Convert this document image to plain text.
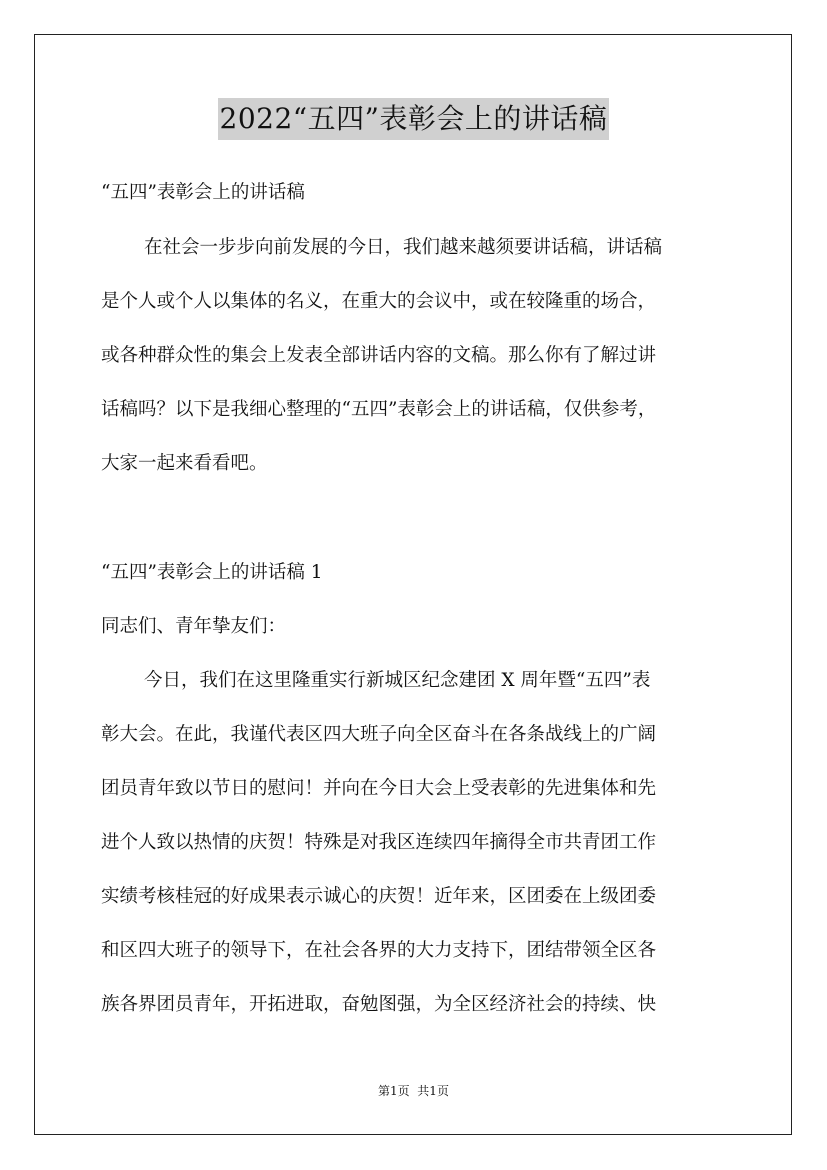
2022“五四”表彰会上的讲话稿
“五四”表彰会上的讲话稿
在社会一步步向前发展的今日，我们越来越须要讲话稿，讲话稿
是个人或个人以集体的名义，在重大的会议中，或在较隆重的场合，
或各种群众性的集会上发表全部讲话内容的文稿。那么你有了解过讲
话稿吗？以下是我细心整理的“五四”表彰会上的讲话稿，仅供参考，
大家一起来看看吧。
“五四”表彰会上的讲话稿 1
同志们、青年挚友们：
今日，我们在这里隆重实行新城区纪念建团 X 周年暨“五四”表
彰大会。在此，我谨代表区四大班子向全区奋斗在各条战线上的广阔
团员青年致以节日的慰问！并向在今日大会上受表彰的先进集体和先
进个人致以热情的庆贺！特殊是对我区连续四年摘得全市共青团工作
实绩考核桂冠的好成果表示诚心的庆贺！近年来，区团委在上级团委
和区四大班子的领导下，在社会各界的大力支持下，团结带领全区各
族各界团员青年，开拓进取，奋勉图强，为全区经济社会的持续、快
第1页  共1页
